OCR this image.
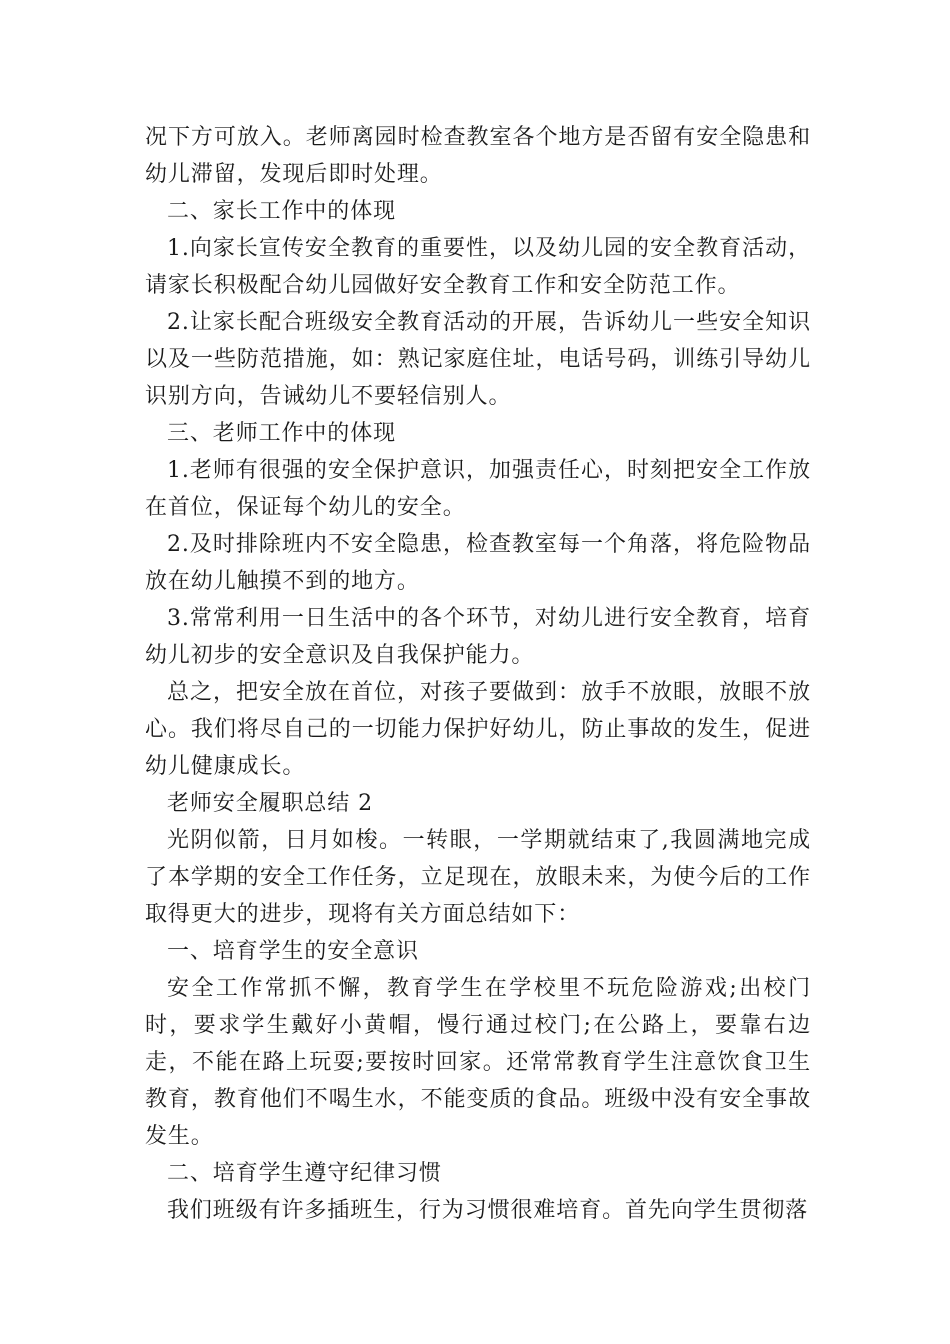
况下方可放入。老师离园时检查教室各个地方是否留有安全隐患和幼儿滞留，发现后即时处理。

二、家长工作中的体现

1.向家长宣传安全教育的重要性，以及幼儿园的安全教育活动，请家长积极配合幼儿园做好安全教育工作和安全防范工作。

2.让家长配合班级安全教育活动的开展，告诉幼儿一些安全知识以及一些防范措施，如：熟记家庭住址，电话号码，训练引导幼儿识别方向，告诫幼儿不要轻信别人。

三、老师工作中的体现

1.老师有很强的安全保护意识，加强责任心，时刻把安全工作放在首位，保证每个幼儿的安全。

2.及时排除班内不安全隐患，检查教室每一个角落，将危险物品放在幼儿触摸不到的地方。

3.常常利用一日生活中的各个环节，对幼儿进行安全教育，培育幼儿初步的安全意识及自我保护能力。

总之，把安全放在首位，对孩子要做到：放手不放眼，放眼不放心。我们将尽自己的一切能力保护好幼儿，防止事故的发生，促进幼儿健康成长。

老师安全履职总结 2

光阴似箭，日月如梭。一转眼，一学期就结束了,我圆满地完成了本学期的安全工作任务，立足现在，放眼未来，为使今后的工作取得更大的进步，现将有关方面总结如下：

一、培育学生的安全意识

安全工作常抓不懈，教育学生在学校里不玩危险游戏;出校门时，要求学生戴好小黄帽，慢行通过校门;在公路上，要靠右边走，不能在路上玩耍;要按时回家。还常常教育学生注意饮食卫生教育，教育他们不喝生水，不能变质的食品。班级中没有安全事故发生。

二、培育学生遵守纪律习惯

我们班级有许多插班生，行为习惯很难培育。首先向学生贯彻落
